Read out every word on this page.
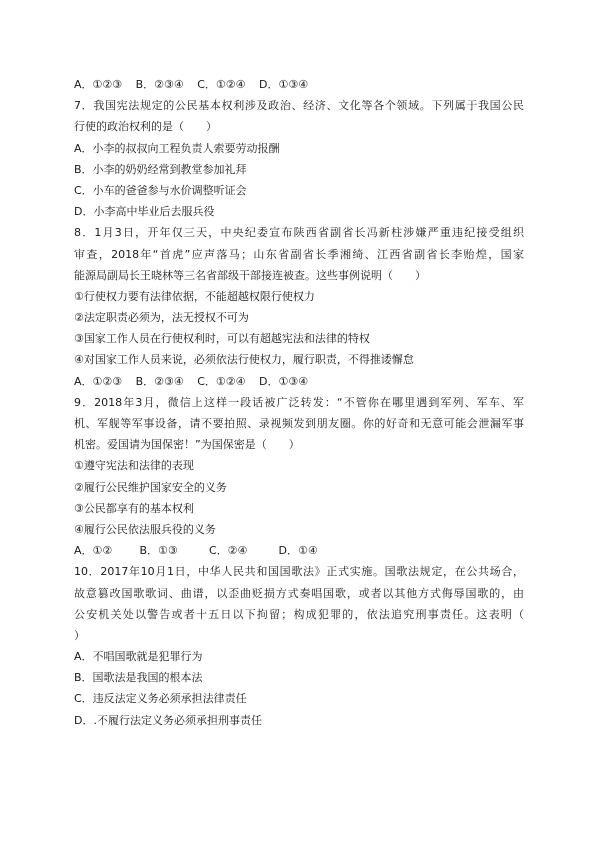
A．①②③ B．②③④ C．①②④ D．①③④
7．我国宪法规定的公民基本权利涉及政治、经济、文化等各个领域。下列属于我国公民
行使的政治权利的是（　　）
A．小李的叔叔向工程负责人索要劳动报酬
B．小李的奶奶经常到教堂参加礼拜
C．小车的爸爸参与水价调整听证会
D．小李高中毕业后去服兵役
8．1月3日，开年仅三天，中央纪委宣布陕西省副省长冯新柱涉嫌严重违纪接受组织
审查，2018年“首虎”应声落马；山东省副省长季湘绮、江西省副省长李贻煌，国家
能源局副局长王晓林等三名省部级干部接连被查。这些事例说明（　　）
①行使权力要有法律依据，不能超越权限行使权力
②法定职责必须为，法无授权不可为
③国家工作人员在行使权利时，可以有超越宪法和法律的特权
④对国家工作人员来说，必须依法行使权力，履行职责，不得推诿懈怠
A．①②③ B．②③④ C．①②④ D．①③④
9．2018年3月，微信上这样一段话被广泛转发：“不管你在哪里遇到军列、军车、军
机、军舰等军事设备，请不要拍照、录视频发到朋友圈。你的好奇和无意可能会泄漏军事
机密。爱国请为国保密！”为国保密是（　　）
①遵守宪法和法律的表现
②履行公民维护国家安全的义务
③公民都享有的基本权利
④履行公民依法服兵役的义务
A．①② B．①③	C．②④	D．①④
10．2017年10月1日，中华人民共和国国歌法》正式实施。国歌法规定，在公共场合，
故意篡改国歌歌词、曲谱，以歪曲贬损方式奏唱国歌，或者以其他方式侮辱国歌的，由
公安机关处以警告或者十五日以下拘留；构成犯罪的，依法追究刑事责任。这表明（
）
A．不唱国歌就是犯罪行为
B．国歌法是我国的根本法
C．违反法定义务必须承担法律责任
D．.不履行法定义务必须承担刑事责任
